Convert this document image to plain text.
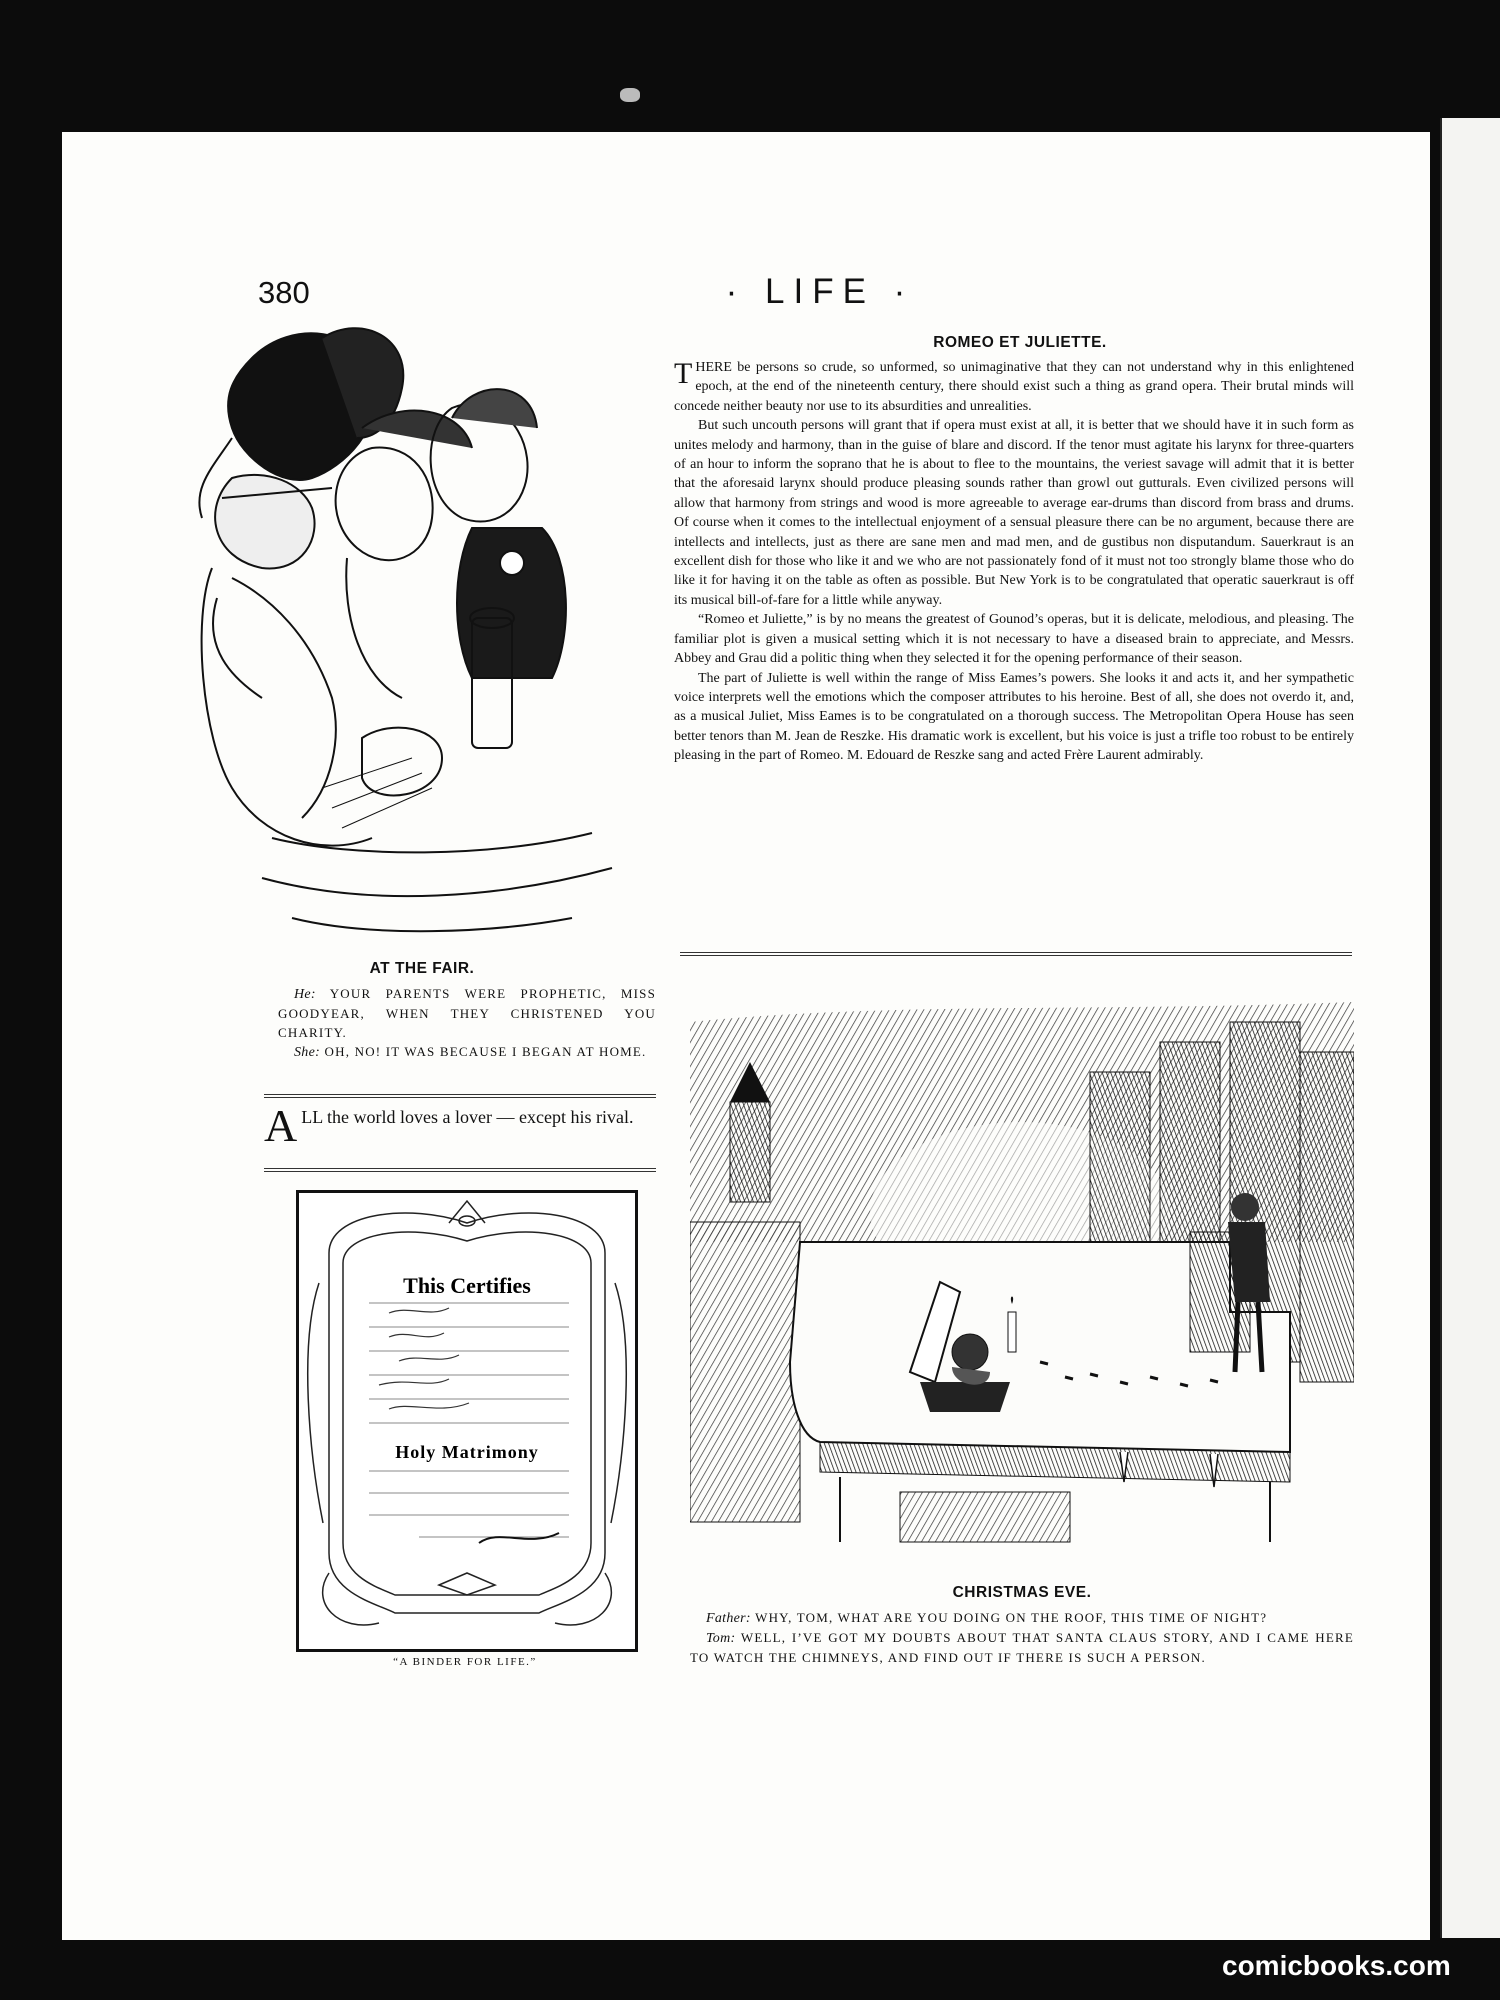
380	· LIFE ·
ROMEO ET JULIETTE.

THERE be persons so crude, so unformed, so unimaginative that they can not understand why in this enlightened epoch, at the end of the nineteenth century, there should exist such a thing as grand opera. Their brutal minds will concede neither beauty nor use to its absurdities and unrealities.

But such uncouth persons will grant that if opera must exist at all, it is better that we should have it in such form as unites melody and harmony, than in the guise of blare and discord. If the tenor must agitate his larynx for three-quarters of an hour to inform the soprano that he is about to flee to the mountains, the veriest savage will admit that it is better that the aforesaid larynx should produce pleasing sounds rather than growl out gutturals. Even civilized persons will allow that harmony from strings and wood is more agreeable to average ear-drums than discord from brass and drums. Of course when it comes to the intellectual enjoyment of a sensual pleasure there can be no argument, because there are intellects and intellects, just as there are sane men and mad men, and de gustibus non disputandum. Sauerkraut is an excellent dish for those who like it and we who are not passionately fond of it must not too strongly blame those who do like it for having it on the table as often as possible. But New York is to be congratulated that operatic sauerkraut is off its musical bill-of-fare for a little while anyway.

“Romeo et Juliette,” is by no means the greatest of Gounod’s operas, but it is delicate, melodious, and pleasing. The familiar plot is given a musical setting which it is not necessary to have a diseased brain to appreciate, and Messrs. Abbey and Grau did a politic thing when they selected it for the opening performance of their season.

The part of Juliette is well within the range of Miss Eames’s powers. She looks it and acts it, and her sympathetic voice interprets well the emotions which the composer attributes to his heroine. Best of all, she does not overdo it, and, as a musical Juliet, Miss Eames is to be congratulated on a thorough success. The Metropolitan Opera House has seen better tenors than M. Jean de Reszke. His dramatic work is excellent, but his voice is just a trifle too robust to be entirely pleasing in the part of Romeo. M. Edouard de Reszke sang and acted Frère Laurent admirably.

AT THE FAIR.

He: YOUR PARENTS WERE PROPHETIC, MISS GOODYEAR, WHEN THEY CHRISTENED YOU CHARITY.

She: OH, NO! IT WAS BECAUSE I BEGAN AT HOME.

ALL the world loves a lover — except his rival.
This Certifies
Holy Matrimony
“A BINDER FOR LIFE.”
CHRISTMAS EVE.

Father: WHY, TOM, WHAT ARE YOU DOING ON THE ROOF, THIS TIME OF NIGHT?

Tom: WELL, I’VE GOT MY DOUBTS ABOUT THAT SANTA CLAUS STORY, AND I CAME HERE TO WATCH THE CHIMNEYS, AND FIND OUT IF THERE IS SUCH A PERSON.

comicbooks.com
